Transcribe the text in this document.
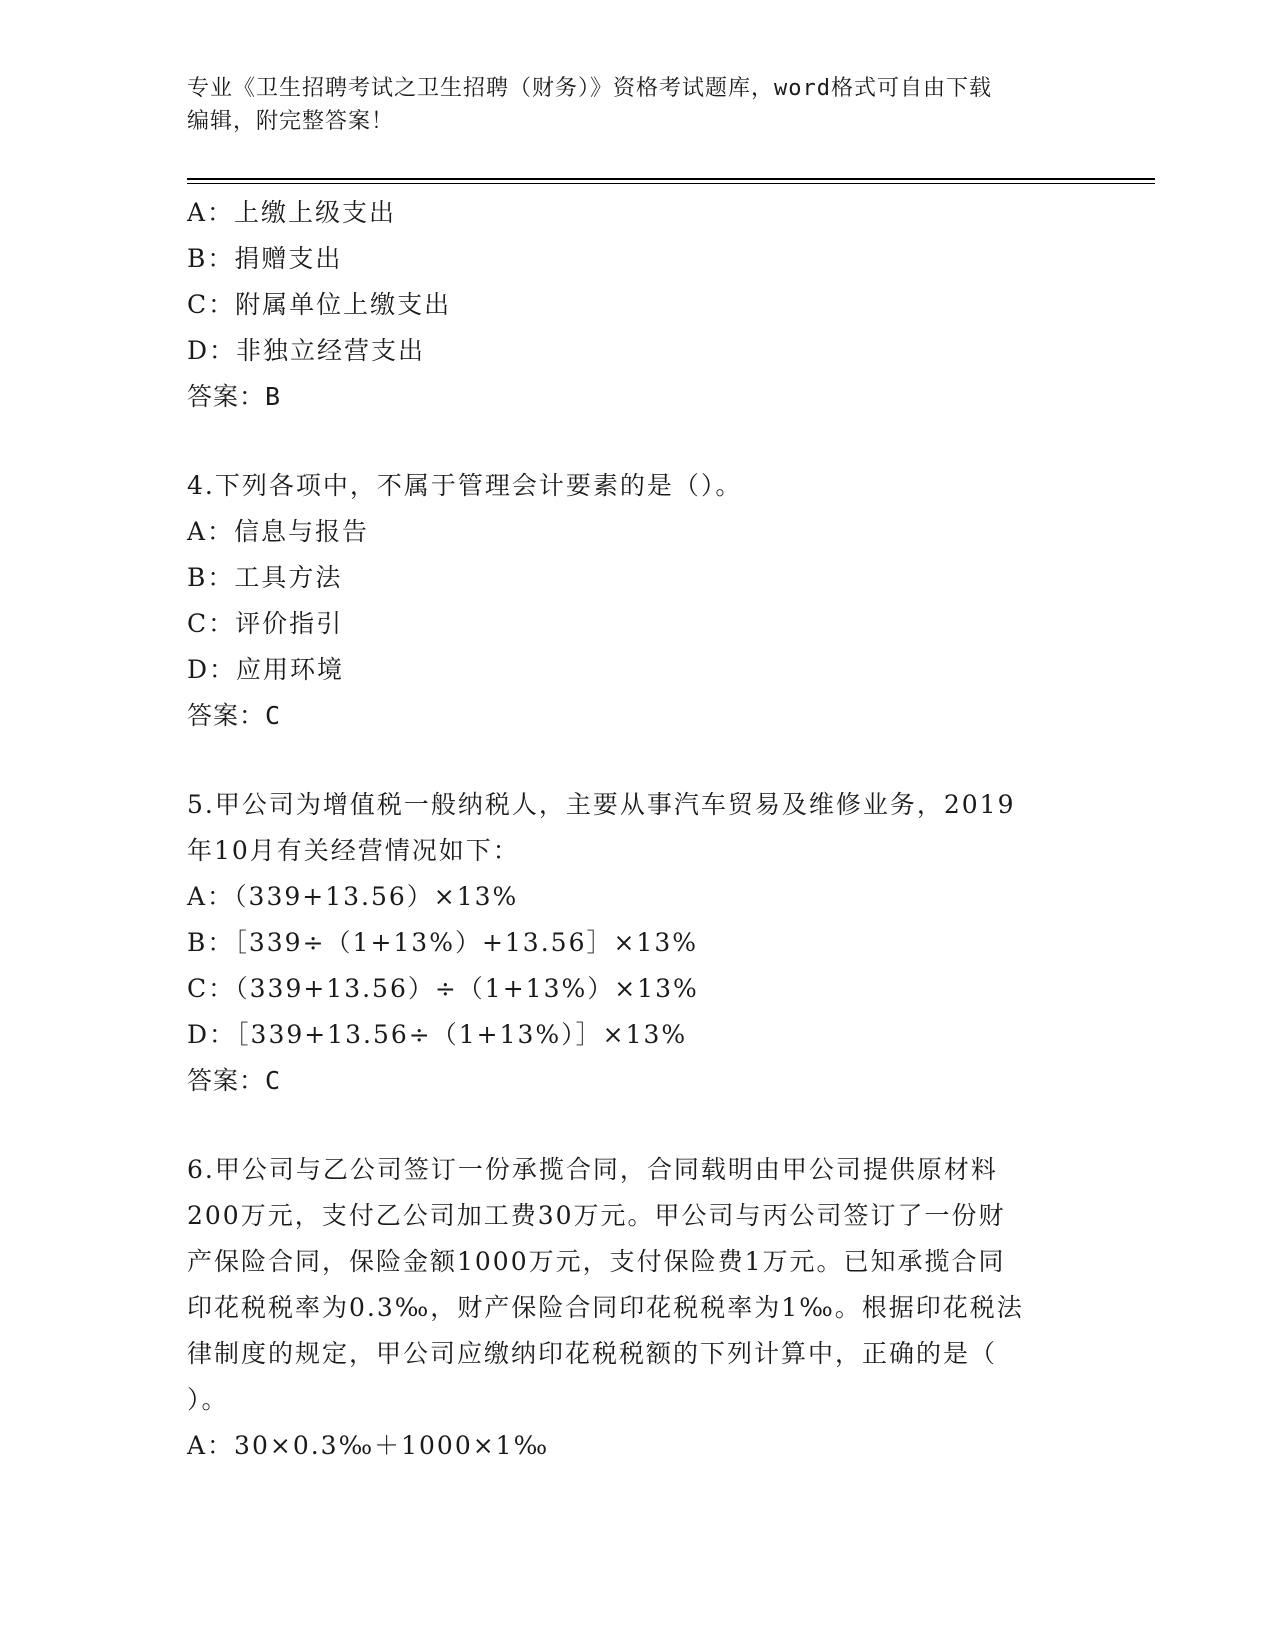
专业《卫生招聘考试之卫生招聘（财务）》资格考试题库，word格式可自由下载
编辑，附完整答案！
A：上缴上级支出
B：捐赠支出
C：附属单位上缴支出
D：非独立经营支出
答案：B
4.下列各项中，不属于管理会计要素的是（）。
A：信息与报告
B：工具方法
C：评价指引
D：应用环境
答案：C
5.甲公司为增值税一般纳税人，主要从事汽车贸易及维修业务，2019
年10月有关经营情况如下：
A：（339+13.56）×13%
B：［339÷（1+13%）+13.56］×13%
C：（339+13.56）÷（1+13%）×13%
D：［339+13.56÷（1+13%）］×13%
答案：C
6.甲公司与乙公司签订一份承揽合同，合同载明由甲公司提供原材料
200万元，支付乙公司加工费30万元。甲公司与丙公司签订了一份财
产保险合同，保险金额1000万元，支付保险费1万元。已知承揽合同
印花税税率为0.3‰，财产保险合同印花税税率为1‰。根据印花税法
律制度的规定，甲公司应缴纳印花税税额的下列计算中，正确的是（
）。
A：30×0.3‰＋1000×1‰
